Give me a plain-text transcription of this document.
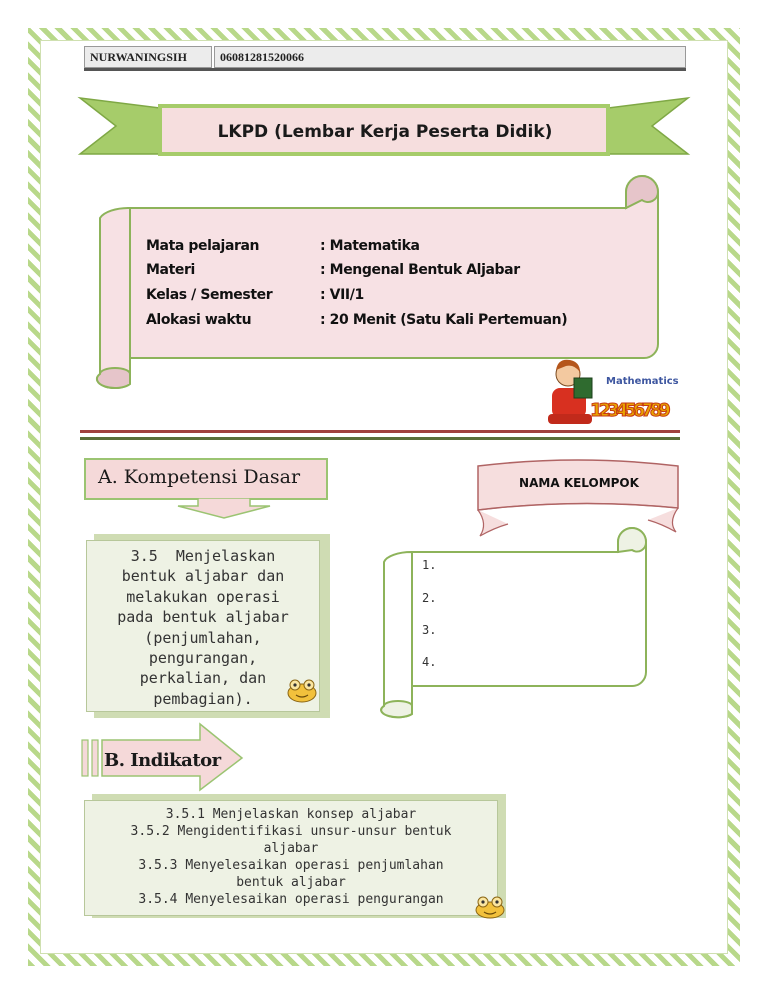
NURWANINGSIH	06081281520066
LKPD (Lembar Kerja Peserta Didik)
Mata pelajaran	: Matematika
Materi	: Mengenal Bentuk Aljabar
Kelas / Semester	: VII/1
Alokasi waktu	: 20 Menit (Satu Kali Pertemuan)
Mathematics
123456789
A. Kompetensi Dasar
3.5  Menjelaskan
bentuk aljabar dan
melakukan operasi
pada bentuk aljabar
(penjumlahan,
pengurangan,
perkalian, dan
pembagian).
NAMA KELOMPOK
1.
2.
3.
4.
B. Indikator
3.5.1 Menjelaskan konsep aljabar
3.5.2 Mengidentifikasi unsur-unsur bentuk
aljabar
3.5.3 Menyelesaikan operasi penjumlahan
bentuk aljabar
3.5.4 Menyelesaikan operasi pengurangan
